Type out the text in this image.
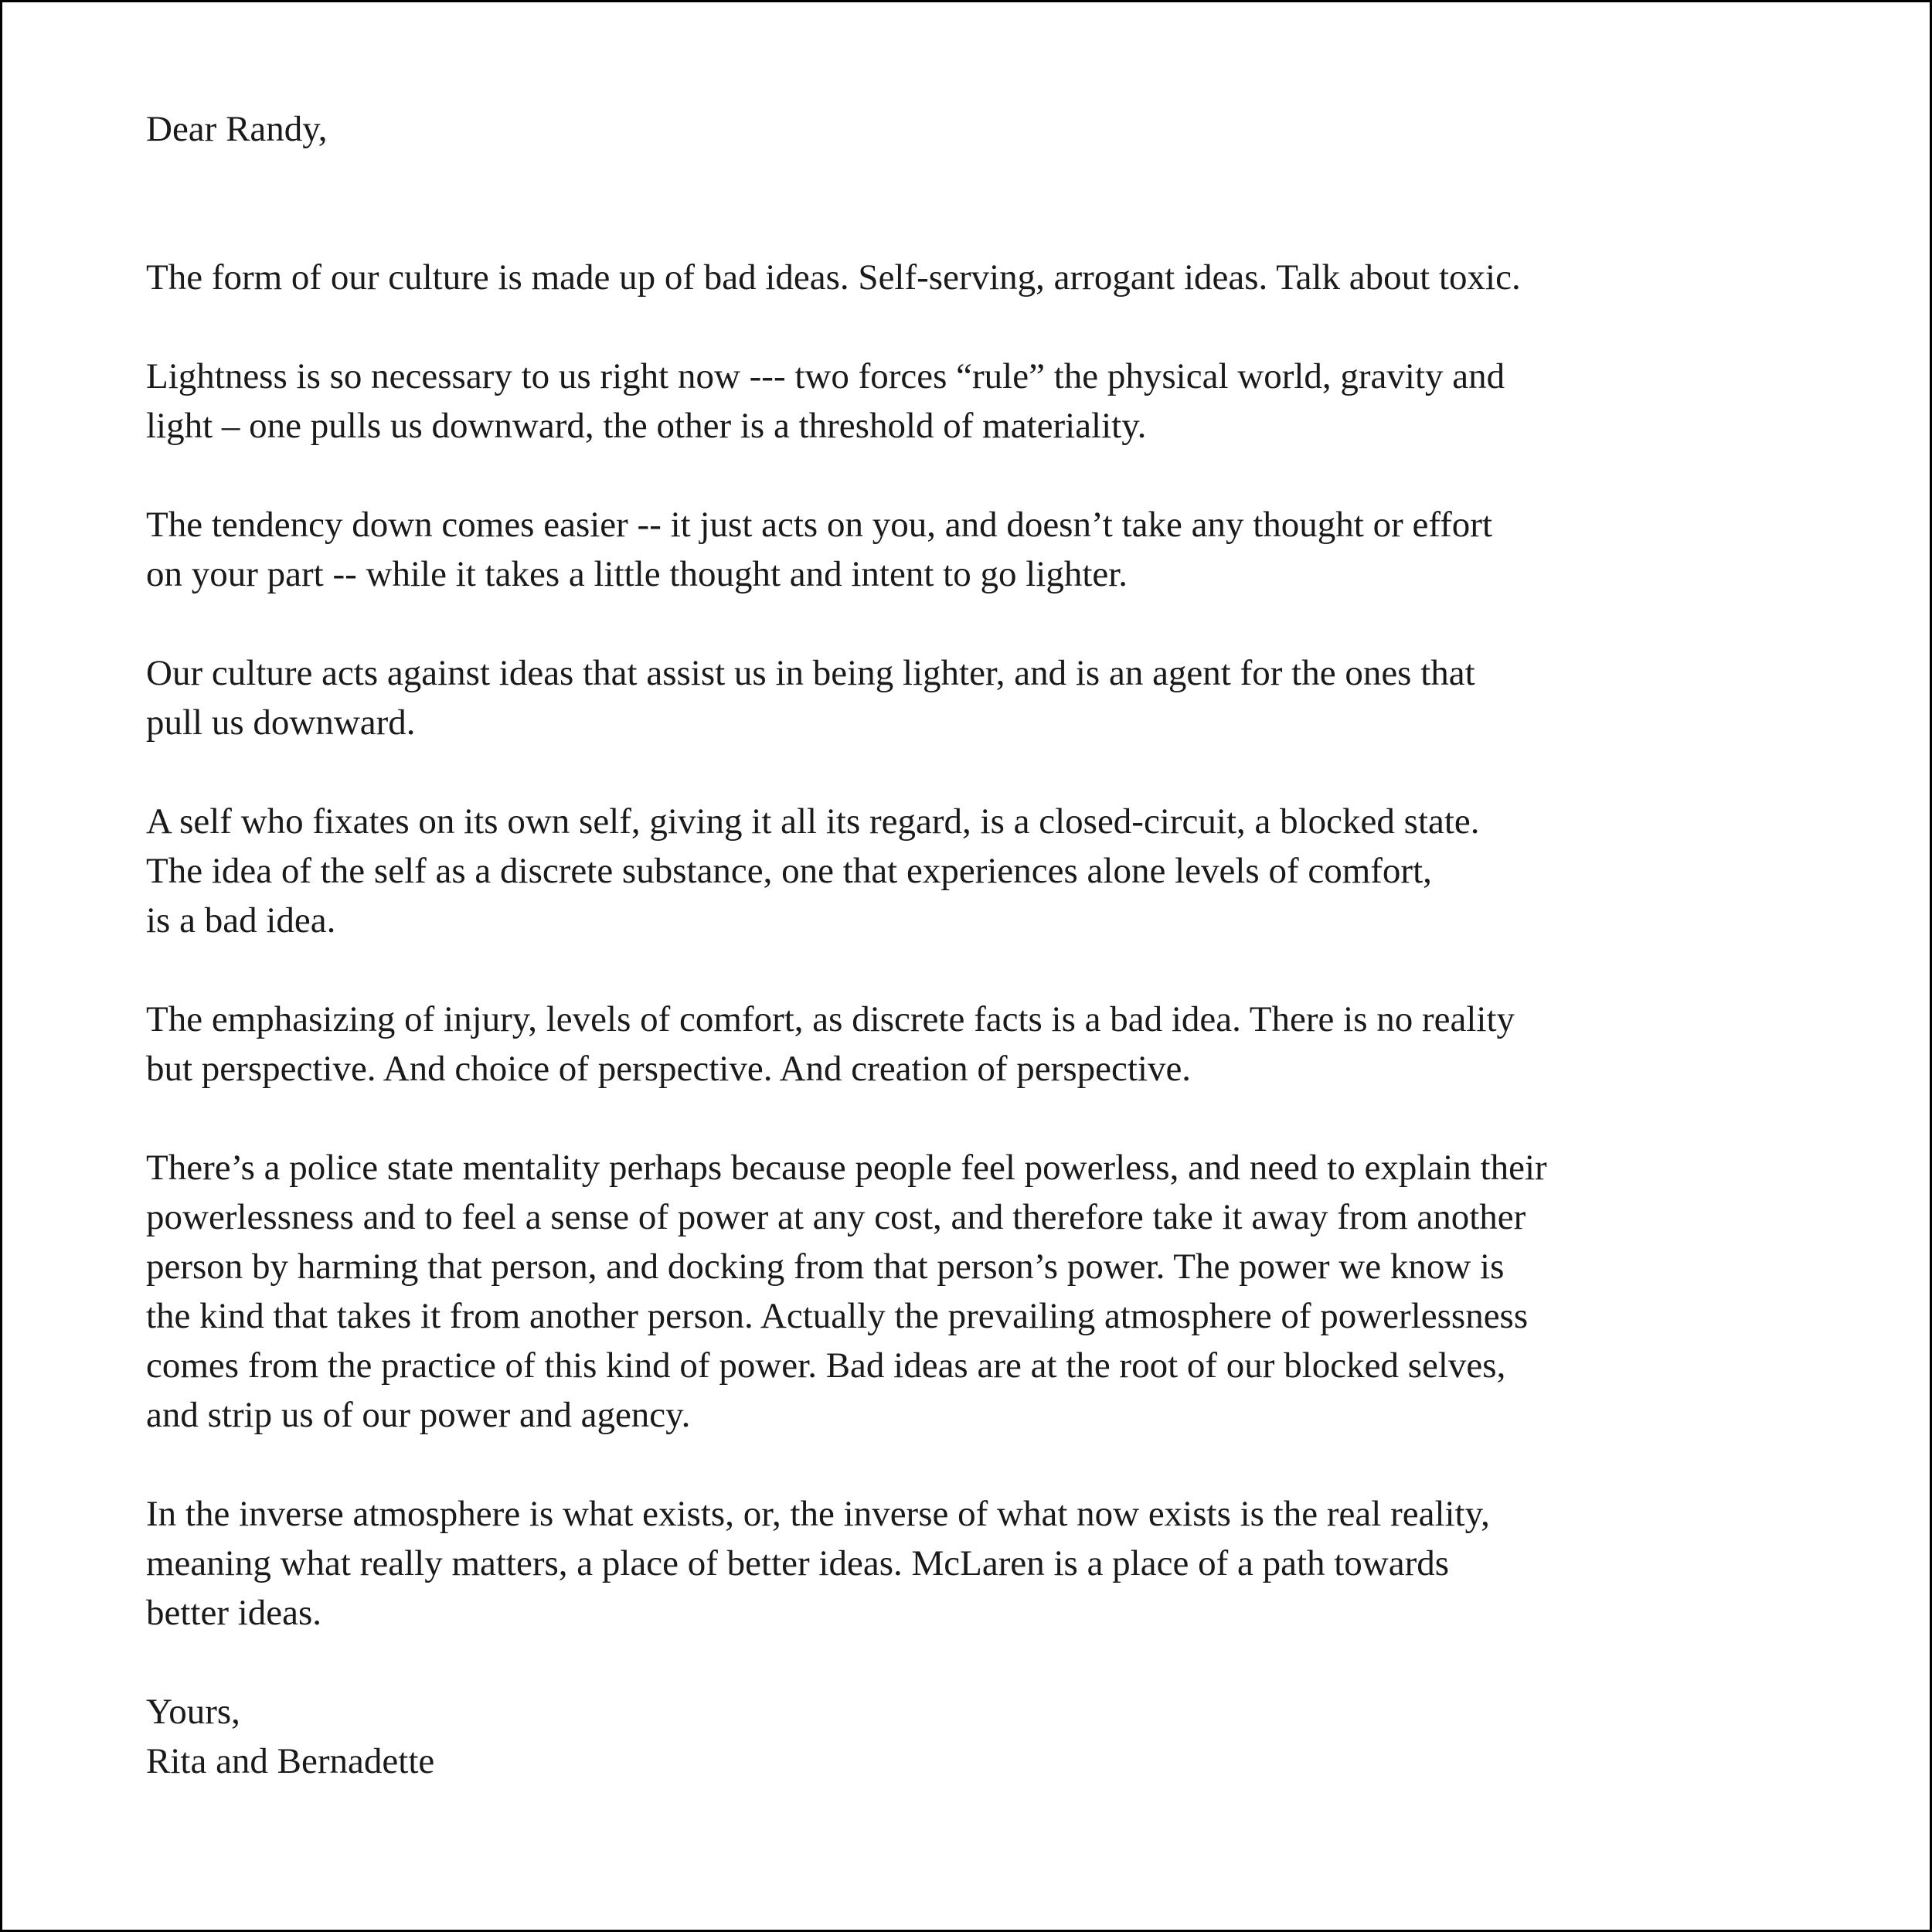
Dear Randy,

The form of our culture is made up of bad ideas. Self-serving, arrogant ideas. Talk about toxic.
Lightness is so necessary to us right now --- two forces “rule” the physical world, gravity and
light – one pulls us downward, the other is a threshold of materiality.
The tendency down comes easier -- it just acts on you, and doesn’t take any thought or effort
on your part -- while it takes a little thought and intent to go lighter.
Our culture acts against ideas that assist us in being lighter, and is an agent for the ones that
pull us downward.
A self who fixates on its own self, giving it all its regard, is a closed-circuit, a blocked state.
The idea of the self as a discrete substance, one that experiences alone levels of comfort,
is a bad idea.
The emphasizing of injury, levels of comfort, as discrete facts is a bad idea. There is no reality
but perspective. And choice of perspective. And creation of perspective.
There’s a police state mentality perhaps because people feel powerless, and need to explain their
powerlessness and to feel a sense of power at any cost, and therefore take it away from another
person by harming that person, and docking from that person’s power. The power we know is
the kind that takes it from another person. Actually the prevailing atmosphere of powerlessness
comes from the practice of this kind of power. Bad ideas are at the root of our blocked selves,
and strip us of our power and agency.
In the inverse atmosphere is what exists, or, the inverse of what now exists is the real reality,
meaning what really matters, a place of better ideas. McLaren is a place of a path towards
better ideas.
Yours,
Rita and Bernadette
